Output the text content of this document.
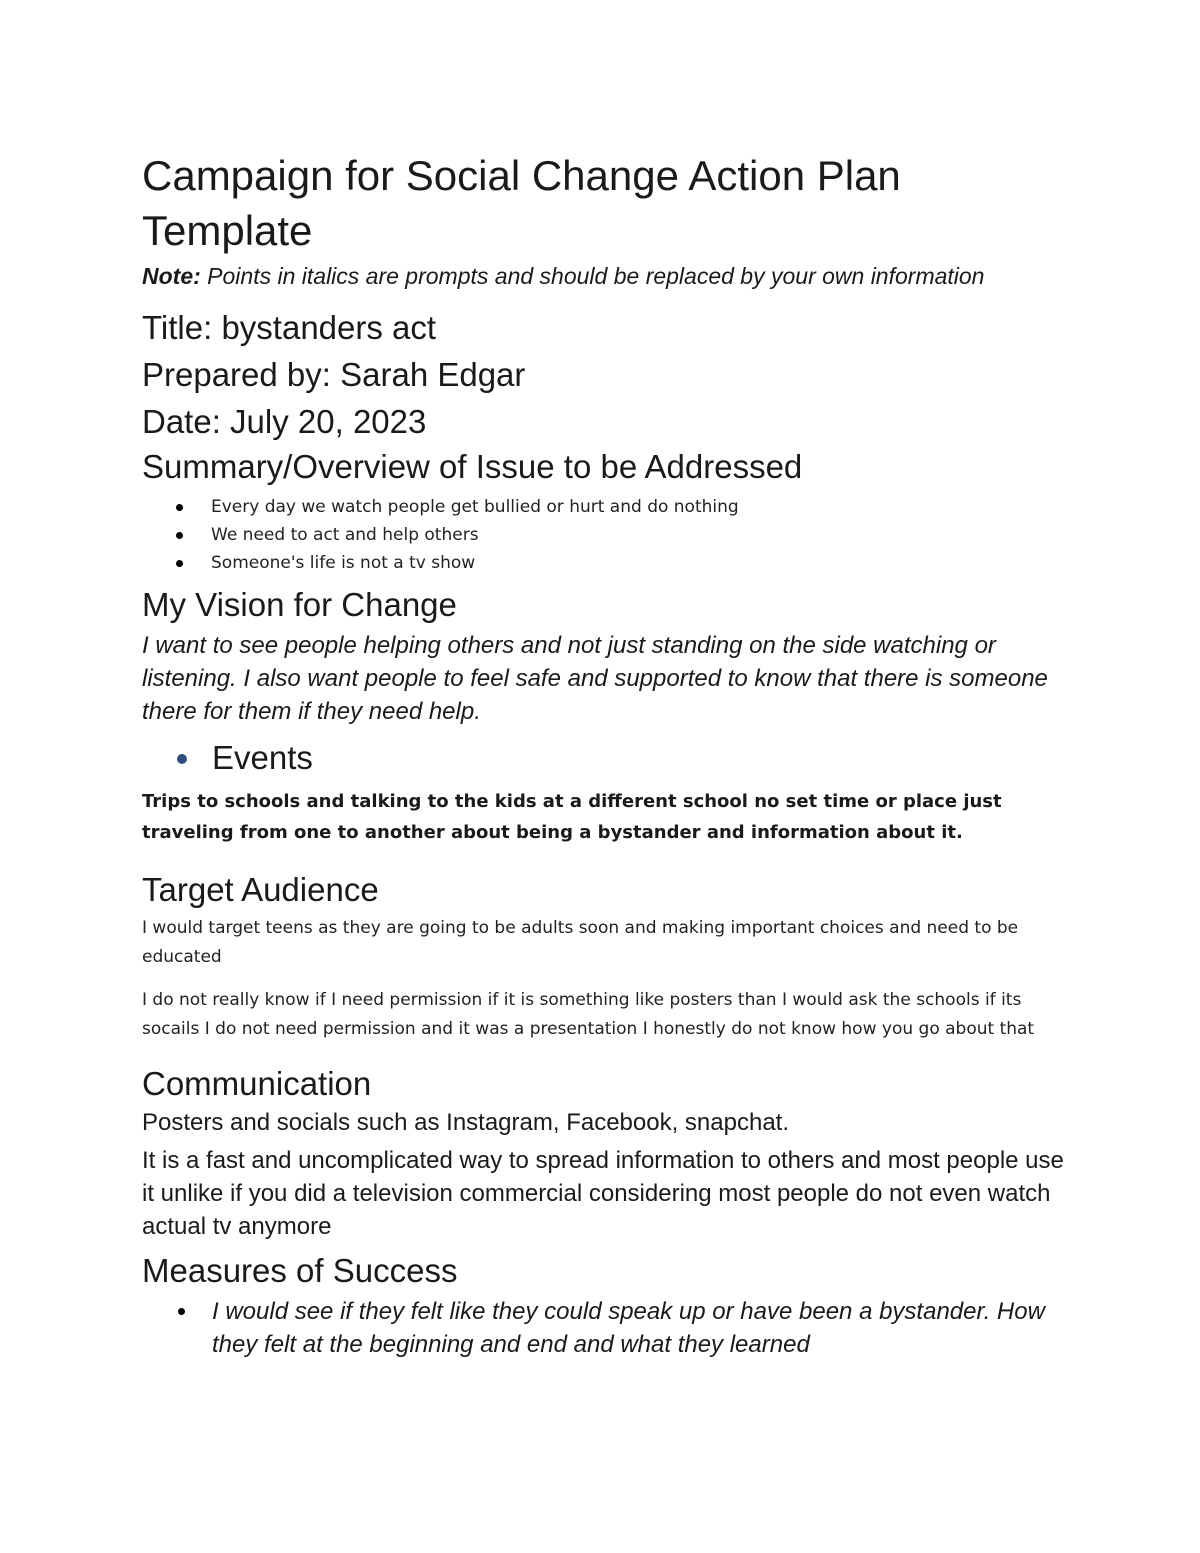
Campaign for Social Change Action Plan Template

Note: Points in italics are prompts and should be replaced by your own information

Title: bystanders act

Prepared by: Sarah Edgar

Date: July 20, 2023

Summary/Overview of Issue to be Addressed
Every day we watch people get bullied or hurt and do nothing
We need to act and help others
Someone's life is not a tv show
My Vision for Change

I want to see people helping others and not just standing on the side watching or listening. I also want people to feel safe and supported to know that there is someone there for them if they need help.

Events

Trips to schools and talking to the kids at a different school no set time or place just traveling from one to another about being a bystander and information about it.

Target Audience

I would target teens as they are going to be adults soon and making important choices and need to be educated

I do not really know if I need permission if it is something like posters than I would ask the schools if its socails I do not need permission and it was a presentation I honestly do not know how you go about that

Communication

Posters and socials such as Instagram, Facebook, snapchat.

It is a fast and uncomplicated way to spread information to others and most people use it unlike if you did a television commercial considering most people do not even watch actual tv anymore

Measures of Success
I would see if they felt like they could speak up or have been a bystander. How they felt at the beginning and end and what they learned
